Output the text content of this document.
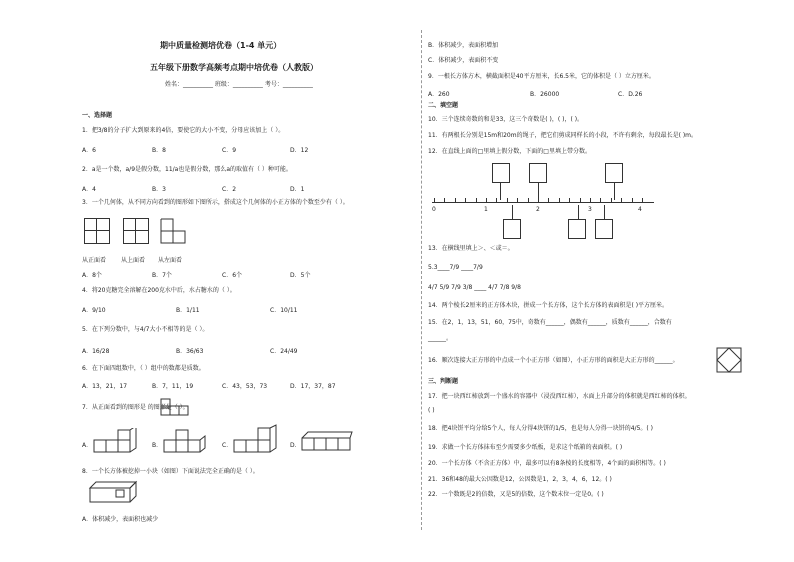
期中质量检测培优卷（1-4 单元）
五年级下册数学高频考点期中培优卷（人教版）
姓名：__________ 班级：__________ 考号：__________
一、选择题
1．把3/8的分子扩大到原来的4倍，要使它的大小不变，分母应该加上（ ）。
A．6	B．8	C．9	D．12
2．a是一个数，a/9是假分数，11/a也是假分数，那么a的取值有（ ）种可能。
A．4	B．3	C．2	D．1
3．一个几何体，从不同方向看到的图形如下图所示，搭成这个几何体的小正方体的个数至少有（ ）。
从正面看 从上面看 从左面看
A．8个	B．7个	C．6个	D．5个
4．将20克糖完全溶解在200克水中后，水占糖水的（ ）。
A．9/10	B．1/11	C．10/11
5．在下列分数中，与4/7大小不相等的是（ ）。
A．16/28	B．36/63	C．24/49
6．在下面四组数中，（ ）组中的数都是质数。
A．13，21，17	B．7，11，19	C．43，53，73	D．17，37，87
7．从正面看到的图形是 的图形是（ ）。
A．	B．	C．	D．
8．一个长方体被挖掉一小块（如图）下面说法完全正确的是（ ）。
A．体积减少，表面积也减少
B．体积减少，表面积增加
C．体积减少，表面积不变
9．一根长方体方木，横截面积是40平方厘米，长6.5米，它的体积是（ ）立方厘米。
A．260	B．26000	C．D.26
二、填空题
10．三个连续奇数的和是33，这三个奇数是( )，( )，( )。
11．有两根长分别是15m和20m的绳子，把它们剪成同样长的小段，不许有剩余，每段最长是( )m。
12．在直线上面的□里填上假分数，下面的□里填上带分数。
0	1	2	3	4
13．在横线里填上＞、＜或＝。
5.3____7/9 ____7/9
4/7 5/9 7/9 3/8 ____ 4/7 7/8 9/8
14．两个棱长2厘米的正方体木块，拼成一个长方体，这个长方体的表面积是( )平方厘米。
15．在2，1，13，51，60，75中，奇数有______，偶数有______，质数有______，合数有
______。
16．顺次连接大正方形的中点成一个小正方形（如图），小正方形的面积是大正方形的______。
三、判断题
17．把一块西红柿放到一个盛水的容器中（浸没西红柿），水面上升部分的体积就是西红柿的体积。
( )
18．把4块饼平均分给5个人，每人分得4块饼的1/5，也是每人分得一块饼的4/5。( )
19．求做一个长方体抹布至少需要多少纸板，是求这个纸箱的表面积。( )
20．一个长方体（不含正方体）中，最多可以有8条棱的长度相等，4个面的面积相等。( )
21．36和48的最大公因数是12，公因数是1，2，3，4，6，12。( )
22．一个数既是2的倍数，又是5的倍数，这个数末位一定是0。( )
